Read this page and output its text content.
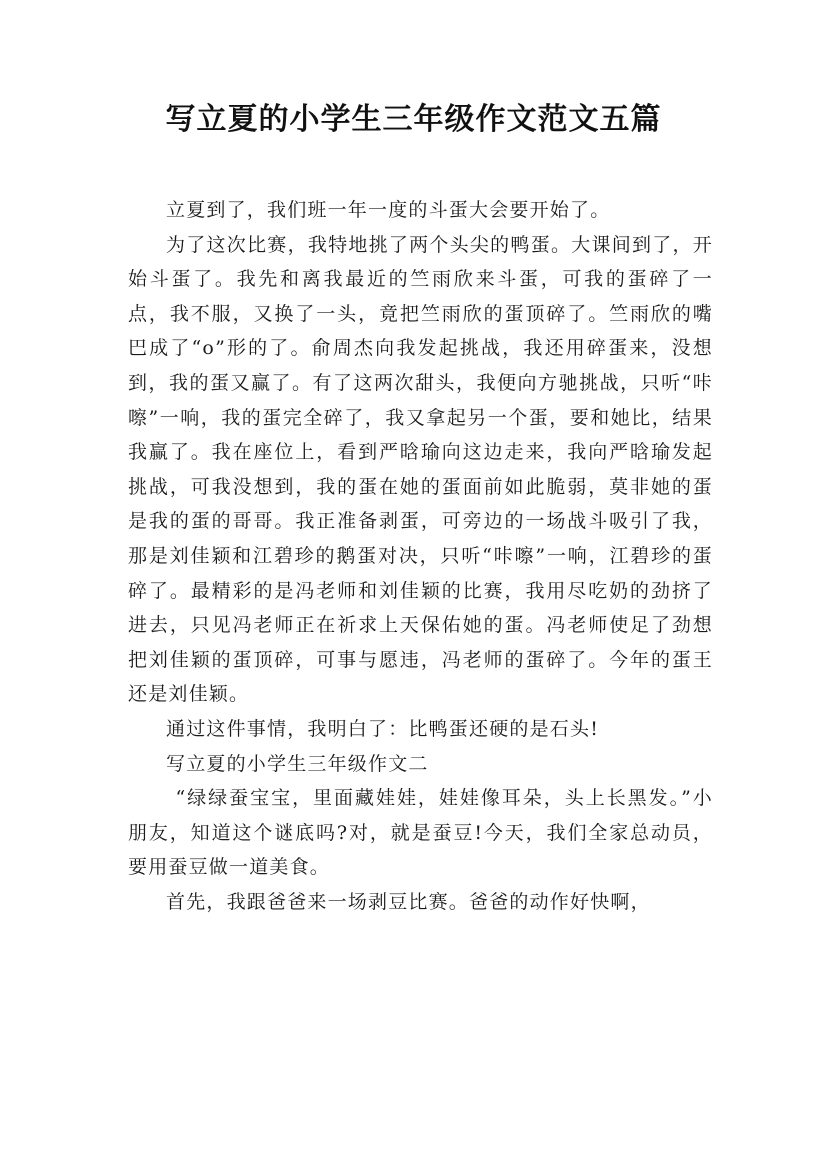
写立夏的小学生三年级作文范文五篇

立夏到了，我们班一年一度的斗蛋大会要开始了。

为了这次比赛，我特地挑了两个头尖的鸭蛋。大课间到了，开始斗蛋了。我先和离我最近的竺雨欣来斗蛋，可我的蛋碎了一点，我不服，又换了一头，竟把竺雨欣的蛋顶碎了。竺雨欣的嘴巴成了“o”形的了。俞周杰向我发起挑战，我还用碎蛋来，没想到，我的蛋又赢了。有了这两次甜头，我便向方驰挑战，只听“咔嚓”一响，我的蛋完全碎了，我又拿起另一个蛋，要和她比，结果我赢了。我在座位上，看到严晗瑜向这边走来，我向严晗瑜发起挑战，可我没想到，我的蛋在她的蛋面前如此脆弱，莫非她的蛋是我的蛋的哥哥。我正准备剥蛋，可旁边的一场战斗吸引了我，那是刘佳颖和江碧珍的鹅蛋对决，只听“咔嚓”一响，江碧珍的蛋碎了。最精彩的是冯老师和刘佳颖的比赛，我用尽吃奶的劲挤了进去，只见冯老师正在祈求上天保佑她的蛋。冯老师使足了劲想把刘佳颖的蛋顶碎，可事与愿违，冯老师的蛋碎了。今年的蛋王还是刘佳颖。

通过这件事情，我明白了：比鸭蛋还硬的是石头!

写立夏的小学生三年级作文二

“绿绿蚕宝宝，里面藏娃娃，娃娃像耳朵，头上长黑发。”小朋友，知道这个谜底吗?对，就是蚕豆!今天，我们全家总动员，要用蚕豆做一道美食。

首先，我跟爸爸来一场剥豆比赛。爸爸的动作好快啊，
